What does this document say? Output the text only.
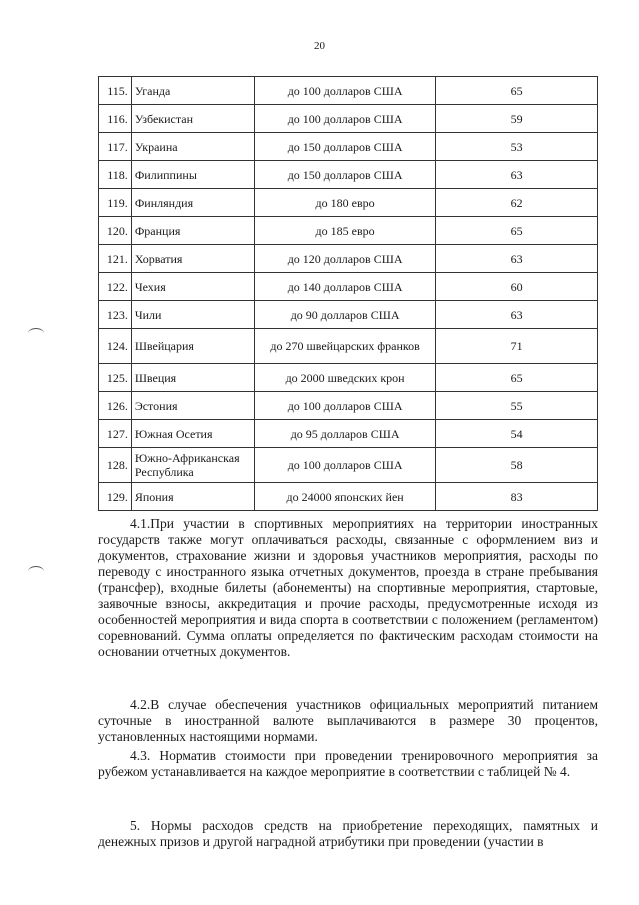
20
115.	Уганда	до 100 долларов США	65
116.	Узбекистан	до 100 долларов США	59
117.	Украина	до 150 долларов США	53
118.	Филиппины	до 150 долларов США	63
119.	Финляндия	до 180 евро	62
120.	Франция	до 185 евро	65
121.	Хорватия	до 120 долларов США	63
122.	Чехия	до 140 долларов США	60
123.	Чили	до 90 долларов США	63
124.	Швейцария	до 270 швейцарских франков	71
125.	Швеция	до 2000 шведских крон	65
126.	Эстония	до 100 долларов США	55
127.	Южная Осетия	до 95 долларов США	54
128.	Южно-Африканская Республика	до 100 долларов США	58
129.	Япония	до 24000 японских йен	83
4.1.При участии в спортивных мероприятиях на территории иностранных государств также могут оплачиваться расходы, связанные с оформлением виз и документов, страхование жизни и здоровья участников мероприятия, расходы по переводу с иностранного языка отчетных документов, проезда в стране пребывания (трансфер), входные билеты (абонементы) на спортивные мероприятия, стартовые, заявочные взносы, аккредитация и прочие расходы, предусмотренные исходя из особенностей мероприятия и вида спорта в соответствии с положением (регламентом) соревнований. Сумма оплаты определяется по фактическим расходам стоимости на основании отчетных документов.
4.2.В случае обеспечения участников официальных мероприятий питанием суточные в иностранной валюте выплачиваются в размере 30 процентов, установленных настоящими нормами.
4.3. Норматив стоимости при проведении тренировочного мероприятия за рубежом устанавливается на каждое мероприятие в соответствии с таблицей № 4.
5. Нормы расходов средств на приобретение переходящих, памятных и денежных призов и другой наградной атрибутики при проведении (участии в
